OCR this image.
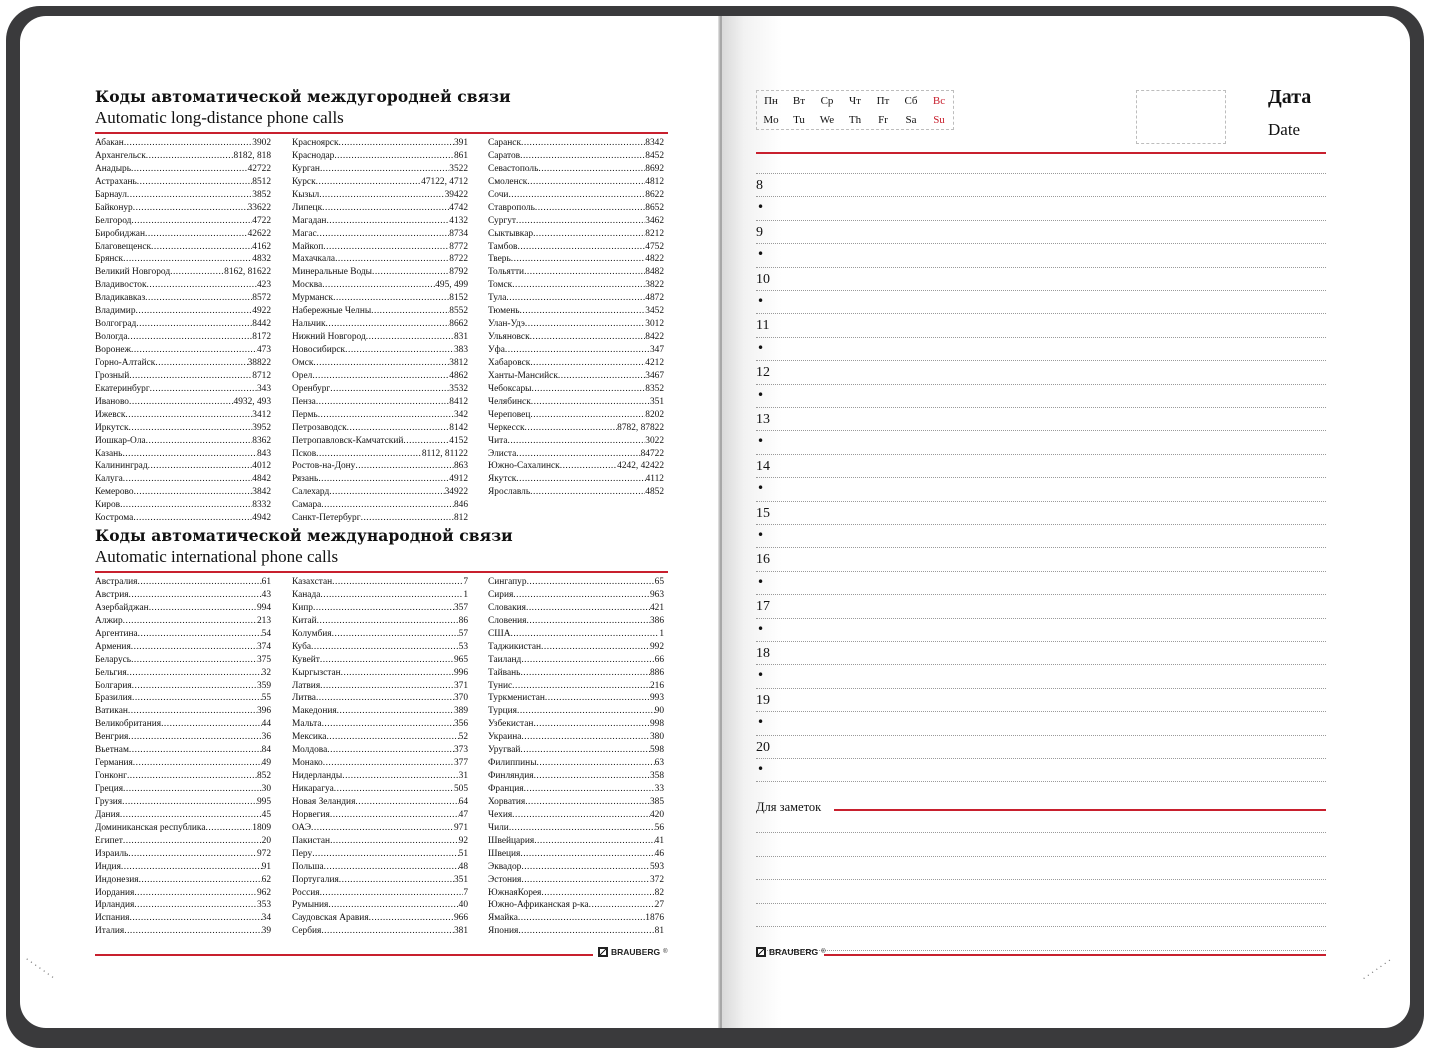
Коды автоматической междугородней связи
Automatic long-distance phone calls
Абакан .....	3902
Архангельск .....	8182, 818
Анадырь .....	42722
Астрахань .....	8512
Барнаул .....	3852
Байконур .....	33622
Белгород .....	4722
Биробиджан .....	42622
Благовещенск .....	4162
Брянск .....	4832
Великий Новгород .....	8162, 81622
Владивосток .....	423
Владикавказ .....	8572
Владимир .....	4922
Волгоград .....	8442
Вологда .....	8172
Воронеж .....	473
Горно-Алтайск .....	38822
Грозный .....	8712
Екатеринбург .....	343
Иваново .....	4932, 493
Ижевск .....	3412
Иркутск .....	3952
Йошкар-Ола .....	8362
Казань .....	843
Калининград .....	4012
Калуга .....	4842
Кемерово .....	3842
Киров .....	8332
Кострома .....	4942
Красноярск .....	391
Краснодар .....	861
Курган .....	3522
Курск .....	47122, 4712
Кызыл .....	39422
Липецк .....	4742
Магадан .....	4132
Магас .....	8734
Майкоп .....	8772
Махачкала .....	8722
Минеральные Воды .....	8792
Москва .....	495, 499
Мурманск .....	8152
Набережные Челны .....	8552
Нальчик .....	8662
Нижний Новгород .....	831
Новосибирск .....	383
Омск .....	3812
Орел .....	4862
Оренбург .....	3532
Пенза .....	8412
Пермь .....	342
Петрозаводск .....	8142
Петропавловск-Камчатский .....	4152
Псков .....	8112, 81122
Ростов-на-Дону .....	863
Рязань .....	4912
Салехард .....	34922
Самара .....	846
Санкт-Петербург .....	812
Саранск .....	8342
Саратов .....	8452
Севастополь .....	8692
Смоленск .....	4812
Сочи .....	8622
Ставрополь .....	8652
Сургут .....	3462
Сыктывкар .....	8212
Тамбов .....	4752
Тверь .....	4822
Тольятти .....	8482
Томск .....	3822
Тула .....	4872
Тюмень .....	3452
Улан-Удэ .....	3012
Ульяновск .....	8422
Уфа .....	347
Хабаровск .....	4212
Ханты-Мансийск .....	3467
Чебоксары .....	8352
Челябинск .....	351
Череповец .....	8202
Черкесск .....	8782, 87822
Чита .....	3022
Элиста .....	84722
Южно-Сахалинск .....	4242, 42422
Якутск .....	4112
Ярославль .....	4852
Коды автоматической международной связи
Automatic international phone calls
Австралия .....	61
Австрия .....	43
Азербайджан .....	994
Алжир .....	213
Аргентина .....	54
Армения .....	374
Беларусь .....	375
Бельгия .....	32
Болгария .....	359
Бразилия .....	55
Ватикан .....	396
Великобритания .....	44
Венгрия .....	36
Вьетнам .....	84
Германия .....	49
Гонконг .....	852
Греция .....	30
Грузия .....	995
Дания .....	45
Доминиканская республика .....	1809
Египет .....	20
Израиль .....	972
Индия .....	91
Индонезия .....	62
Иордания .....	962
Ирландия .....	353
Испания .....	34
Италия .....	39
Казахстан .....	7
Канада .....	1
Кипр .....	357
Китай .....	86
Колумбия .....	57
Куба .....	53
Кувейт .....	965
Кыргызстан .....	996
Латвия .....	371
Литва .....	370
Македония .....	389
Мальта .....	356
Мексика .....	52
Молдова .....	373
Монако .....	377
Нидерланды .....	31
Никарагуа .....	505
Новая Зеландия .....	64
Норвегия .....	47
ОАЭ .....	971
Пакистан .....	92
Перу .....	51
Польша .....	48
Португалия .....	351
Россия .....	7
Румыния .....	40
Саудовская Аравия .....	966
Сербия .....	381
Сингапур .....	65
Сирия .....	963
Словакия .....	421
Словения .....	386
США .....	1
Таджикистан .....	992
Таиланд .....	66
Тайвань .....	886
Тунис .....	216
Туркменистан .....	993
Турция .....	90
Узбекистан .....	998
Украина .....	380
Уругвай .....	598
Филиппины .....	63
Финляндия .....	358
Франция .....	33
Хорватия .....	385
Чехия .....	420
Чили .....	56
Швейцария .....	41
Швеция .....	46
Эквадор .....	593
Эстония .....	372
ЮжнаяКорея .....	82
Южно-Африканская р-ка .....	27
Ямайка .....	1876
Япония .....	81
BRAUBERG ®
Пн	Вт	Ср	Чт	Пт	Сб	Вс
Mo	Tu	We	Th	Fr	Sa	Su
Дата
Date
8
•
9
•
10
•
11
•
12
•
13
•
14
•
15
•
16
•
17
•
18
•
19
•
20
•
Для заметок
BRAUBERG ®
·······	·······
